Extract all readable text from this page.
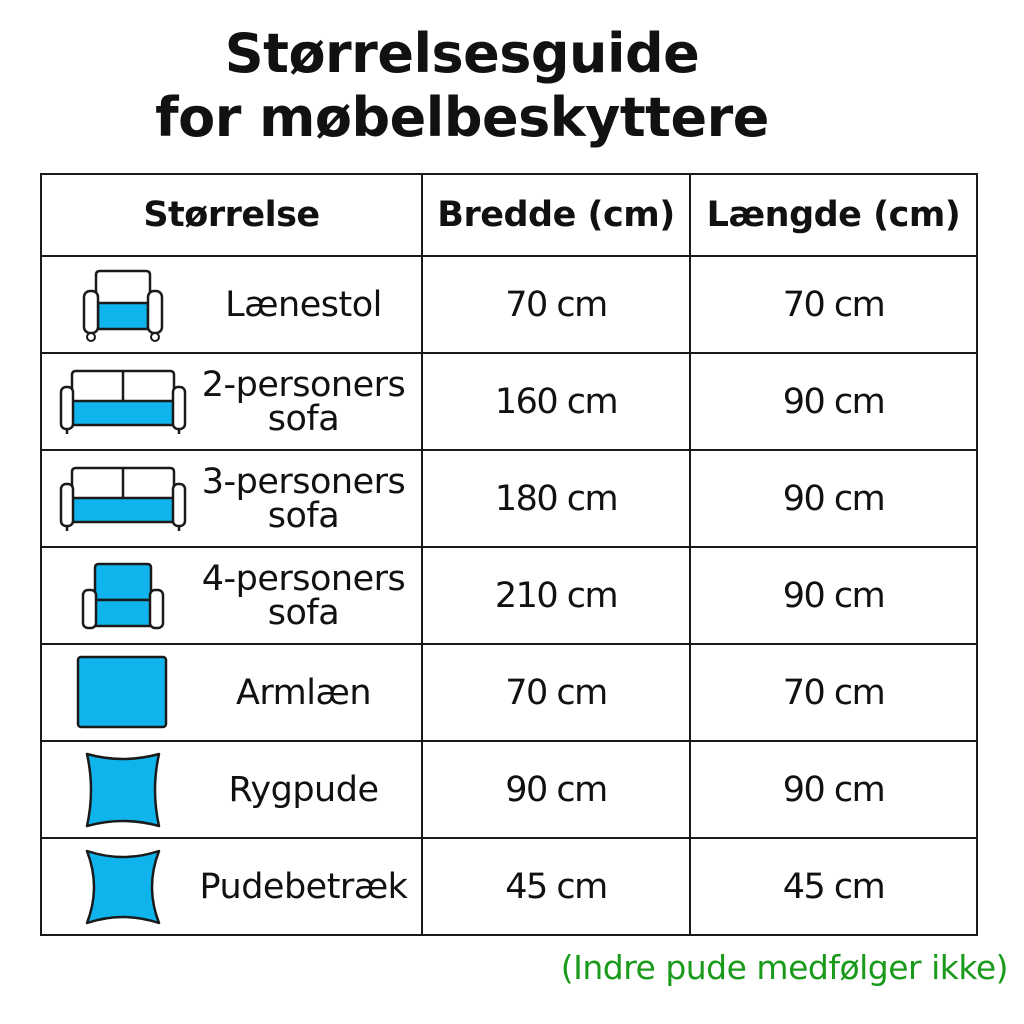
Størrelsesguide
for møbelbeskyttere
Størrelse	Bredde (cm)	Længde (cm)

Lænestol	70 cm	70 cm

2-personers
sofa	160 cm	90 cm

3-personers
sofa	180 cm	90 cm

4-personers
sofa	210 cm	90 cm

Armlæn	70 cm	70 cm

Rygpude	90 cm	90 cm

Pudebetræk	45 cm	45 cm
(Indre pude medfølger ikke)
